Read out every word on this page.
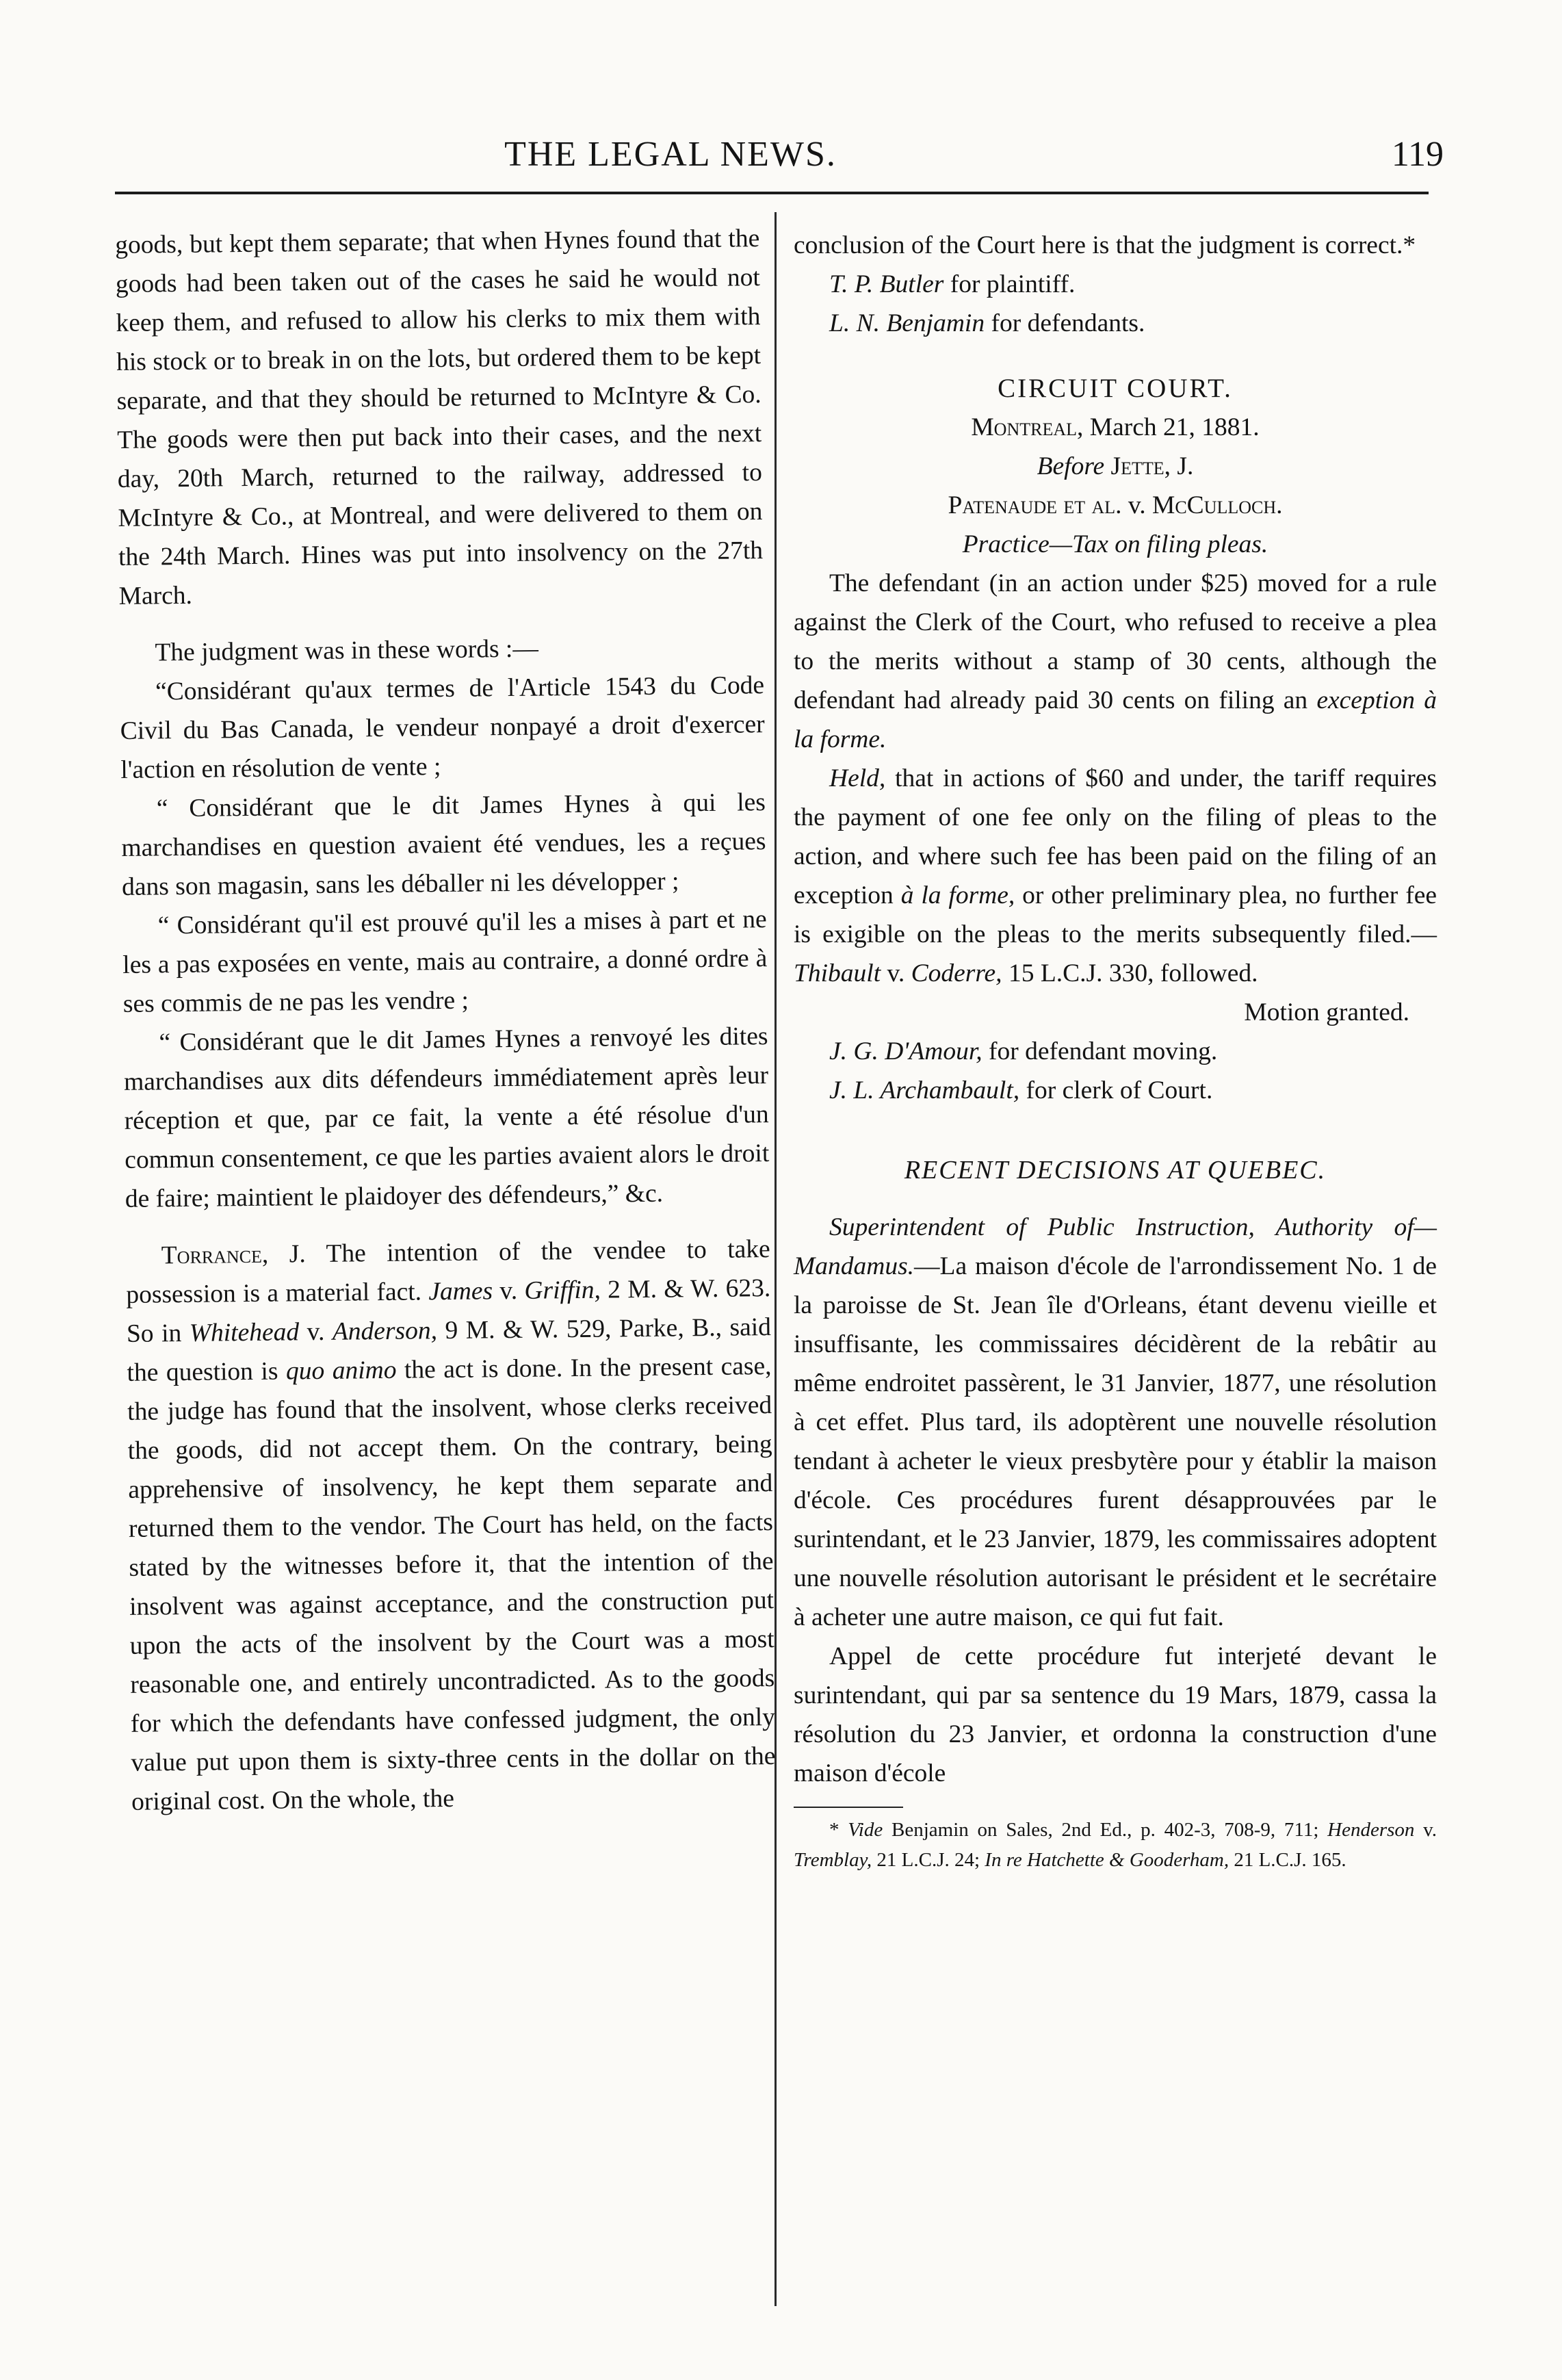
THE LEGAL NEWS.	119

goods, but kept them separate; that when Hynes found that the goods had been taken out of the cases he said he would not keep them, and refused to allow his clerks to mix them with his stock or to break in on the lots, but ordered them to be kept separate, and that they should be returned to McIntyre & Co. The goods were then put back into their cases, and the next day, 20th March, returned to the railway, addressed to McIntyre & Co., at Montreal, and were delivered to them on the 24th March. Hines was put into insolvency on the 27th March.

The judgment was in these words :—

“Considérant qu'aux termes de l'Article 1543 du Code Civil du Bas Canada, le vendeur nonpayé a droit d'exercer l'action en résolution de vente ;

“ Considérant que le dit James Hynes à qui les marchandises en question avaient été vendues, les a reçues dans son magasin, sans les déballer ni les développer ;

“ Considérant qu'il est prouvé qu'il les a mises à part et ne les a pas exposées en vente, mais au contraire, a donné ordre à ses commis de ne pas les vendre ;

“ Considérant que le dit James Hynes a renvoyé les dites marchandises aux dits défendeurs immédiatement après leur réception et que, par ce fait, la vente a été résolue d'un commun consentement, ce que les parties avaient alors le droit de faire; maintient le plaidoyer des défendeurs,” &c.

Torrance, J. The intention of the vendee to take possession is a material fact. James v. Griffin, 2 M. & W. 623. So in Whitehead v. Anderson, 9 M. & W. 529, Parke, B., said the question is quo animo the act is done. In the present case, the judge has found that the insolvent, whose clerks received the goods, did not accept them. On the contrary, being apprehensive of insolvency, he kept them separate and returned them to the vendor. The Court has held, on the facts stated by the witnesses before it, that the intention of the insolvent was against acceptance, and the construction put upon the acts of the insolvent by the Court was a most reasonable one, and entirely uncontradicted. As to the goods for which the defendants have confessed judgment, the only value put upon them is sixty-three cents in the dollar on the original cost. On the whole, the

conclusion of the Court here is that the judgment is correct.*

T. P. Butler for plaintiff.

L. N. Benjamin for defendants.

CIRCUIT COURT.

Montreal, March 21, 1881.

Before Jette, J.

Patenaude et al. v. McCulloch.

Practice—Tax on filing pleas.

The defendant (in an action under $25) moved for a rule against the Clerk of the Court, who refused to receive a plea to the merits without a stamp of 30 cents, although the defendant had already paid 30 cents on filing an exception à la forme.

Held, that in actions of $60 and under, the tariff requires the payment of one fee only on the filing of pleas to the action, and where such fee has been paid on the filing of an exception à la forme, or other preliminary plea, no further fee is exigible on the pleas to the merits subsequently filed.—Thibault v. Coderre, 15 L.C.J. 330, followed.

Motion granted.

J. G. D'Amour, for defendant moving.

J. L. Archambault, for clerk of Court.

RECENT DECISIONS AT QUEBEC.

Superintendent of Public Instruction, Authority of—Mandamus.—La maison d'école de l'arrondissement No. 1 de la paroisse de St. Jean île d'Orleans, étant devenu vieille et insuffisante, les commissaires décidèrent de la rebâtir au même endroitet passèrent, le 31 Janvier, 1877, une résolution à cet effet. Plus tard, ils adoptèrent une nouvelle résolution tendant à acheter le vieux presbytère pour y établir la maison d'école. Ces procédures furent désapprouvées par le surintendant, et le 23 Janvier, 1879, les commissaires adoptent une nouvelle résolution autorisant le président et le secrétaire à acheter une autre maison, ce qui fut fait.

Appel de cette procédure fut interjeté devant le surintendant, qui par sa sentence du 19 Mars, 1879, cassa la résolution du 23 Janvier, et ordonna la construction d'une maison d'école

* Vide Benjamin on Sales, 2nd Ed., p. 402-3, 708-9, 711; Henderson v. Tremblay, 21 L.C.J. 24; In re Hatchette & Gooderham, 21 L.C.J. 165.
